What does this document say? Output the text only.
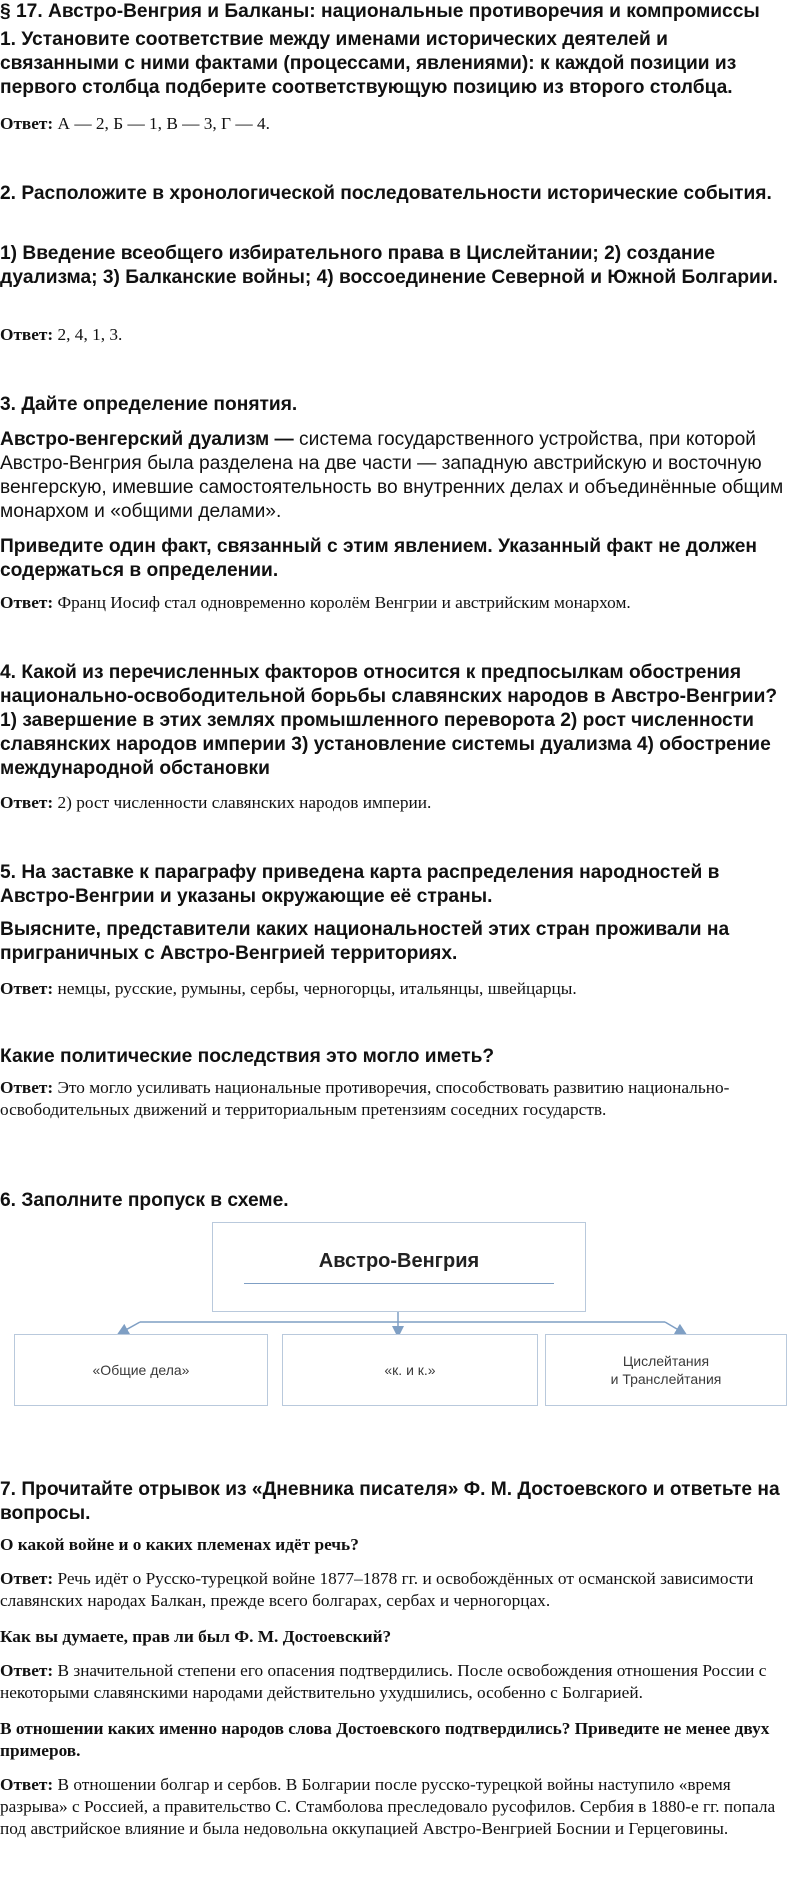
§ 17. Австро-Венгрия и Балканы: национальные противоречия и компромиссы
1. Установите соответствие между именами исторических деятелей и связанными с ними фактами (процессами, явлениями): к каждой позиции из первого столбца подберите соответствующую позицию из второго столбца.
Ответ: А — 2, Б — 1, В — 3, Г — 4.
2. Расположите в хронологической последовательности исторические события.
1) Введение всеобщего избирательного права в Цислейтании; 2) создание дуализма; 3) Балканские войны; 4) воссоединение Северной и Южной Болгарии.
Ответ: 2, 4, 1, 3.
3. Дайте определение понятия.
Австро-венгерский дуализм — система государственного устройства, при которой Австро-Венгрия была разделена на две части — западную австрийскую и восточную венгерскую, имевшие самостоятельность во внутренних делах и объединённые общим монархом и «общими делами».
Приведите один факт, связанный с этим явлением. Указанный факт не должен содержаться в определении.
Ответ: Франц Иосиф стал одновременно королём Венгрии и австрийским монархом.
4. Какой из перечисленных факторов относится к предпосылкам обострения национально-освободительной борьбы славянских народов в Австро-Венгрии? 1) завершение в этих землях промышленного переворота 2) рост численности славянских народов империи 3) установление системы дуализма 4) обострение международной обстановки
Ответ: 2) рост численности славянских народов империи.
5. На заставке к параграфу приведена карта распределения народностей в Австро-Венгрии и указаны окружающие её страны.
Выясните, представители каких национальностей этих стран проживали на приграничных с Австро-Венгрией территориях.
Ответ: немцы, русские, румыны, сербы, черногорцы, итальянцы, швейцарцы.
Какие политические последствия это могло иметь?
Ответ: Это могло усиливать национальные противоречия, способствовать развитию национально-освободительных движений и территориальным претензиям соседних государств.
6. Заполните пропуск в схеме.
Австро-Венгрия
«Общие дела»	«к. и к.»
Цислейтания
и Транслейтания
7. Прочитайте отрывок из «Дневника писателя» Ф. М. Достоевского и ответьте на вопросы.
О какой войне и о каких племенах идёт речь?
Ответ: Речь идёт о Русско-турецкой войне 1877–1878 гг. и освобождённых от османской зависимости славянских народах Балкан, прежде всего болгарах, сербах и черногорцах.
Как вы думаете, прав ли был Ф. М. Достоевский?
Ответ: В значительной степени его опасения подтвердились. После освобождения отношения России с некоторыми славянскими народами действительно ухудшились, особенно с Болгарией.
В отношении каких именно народов слова Достоевского подтвердились? Приведите не менее двух примеров.
Ответ: В отношении болгар и сербов. В Болгарии после русско-турецкой войны наступило «время разрыва» с Россией, а правительство С. Стамболова преследовало русофилов. Сербия в 1880-е гг. попала под австрийское влияние и была недовольна оккупацией Австро-Венгрией Боснии и Герцеговины.
